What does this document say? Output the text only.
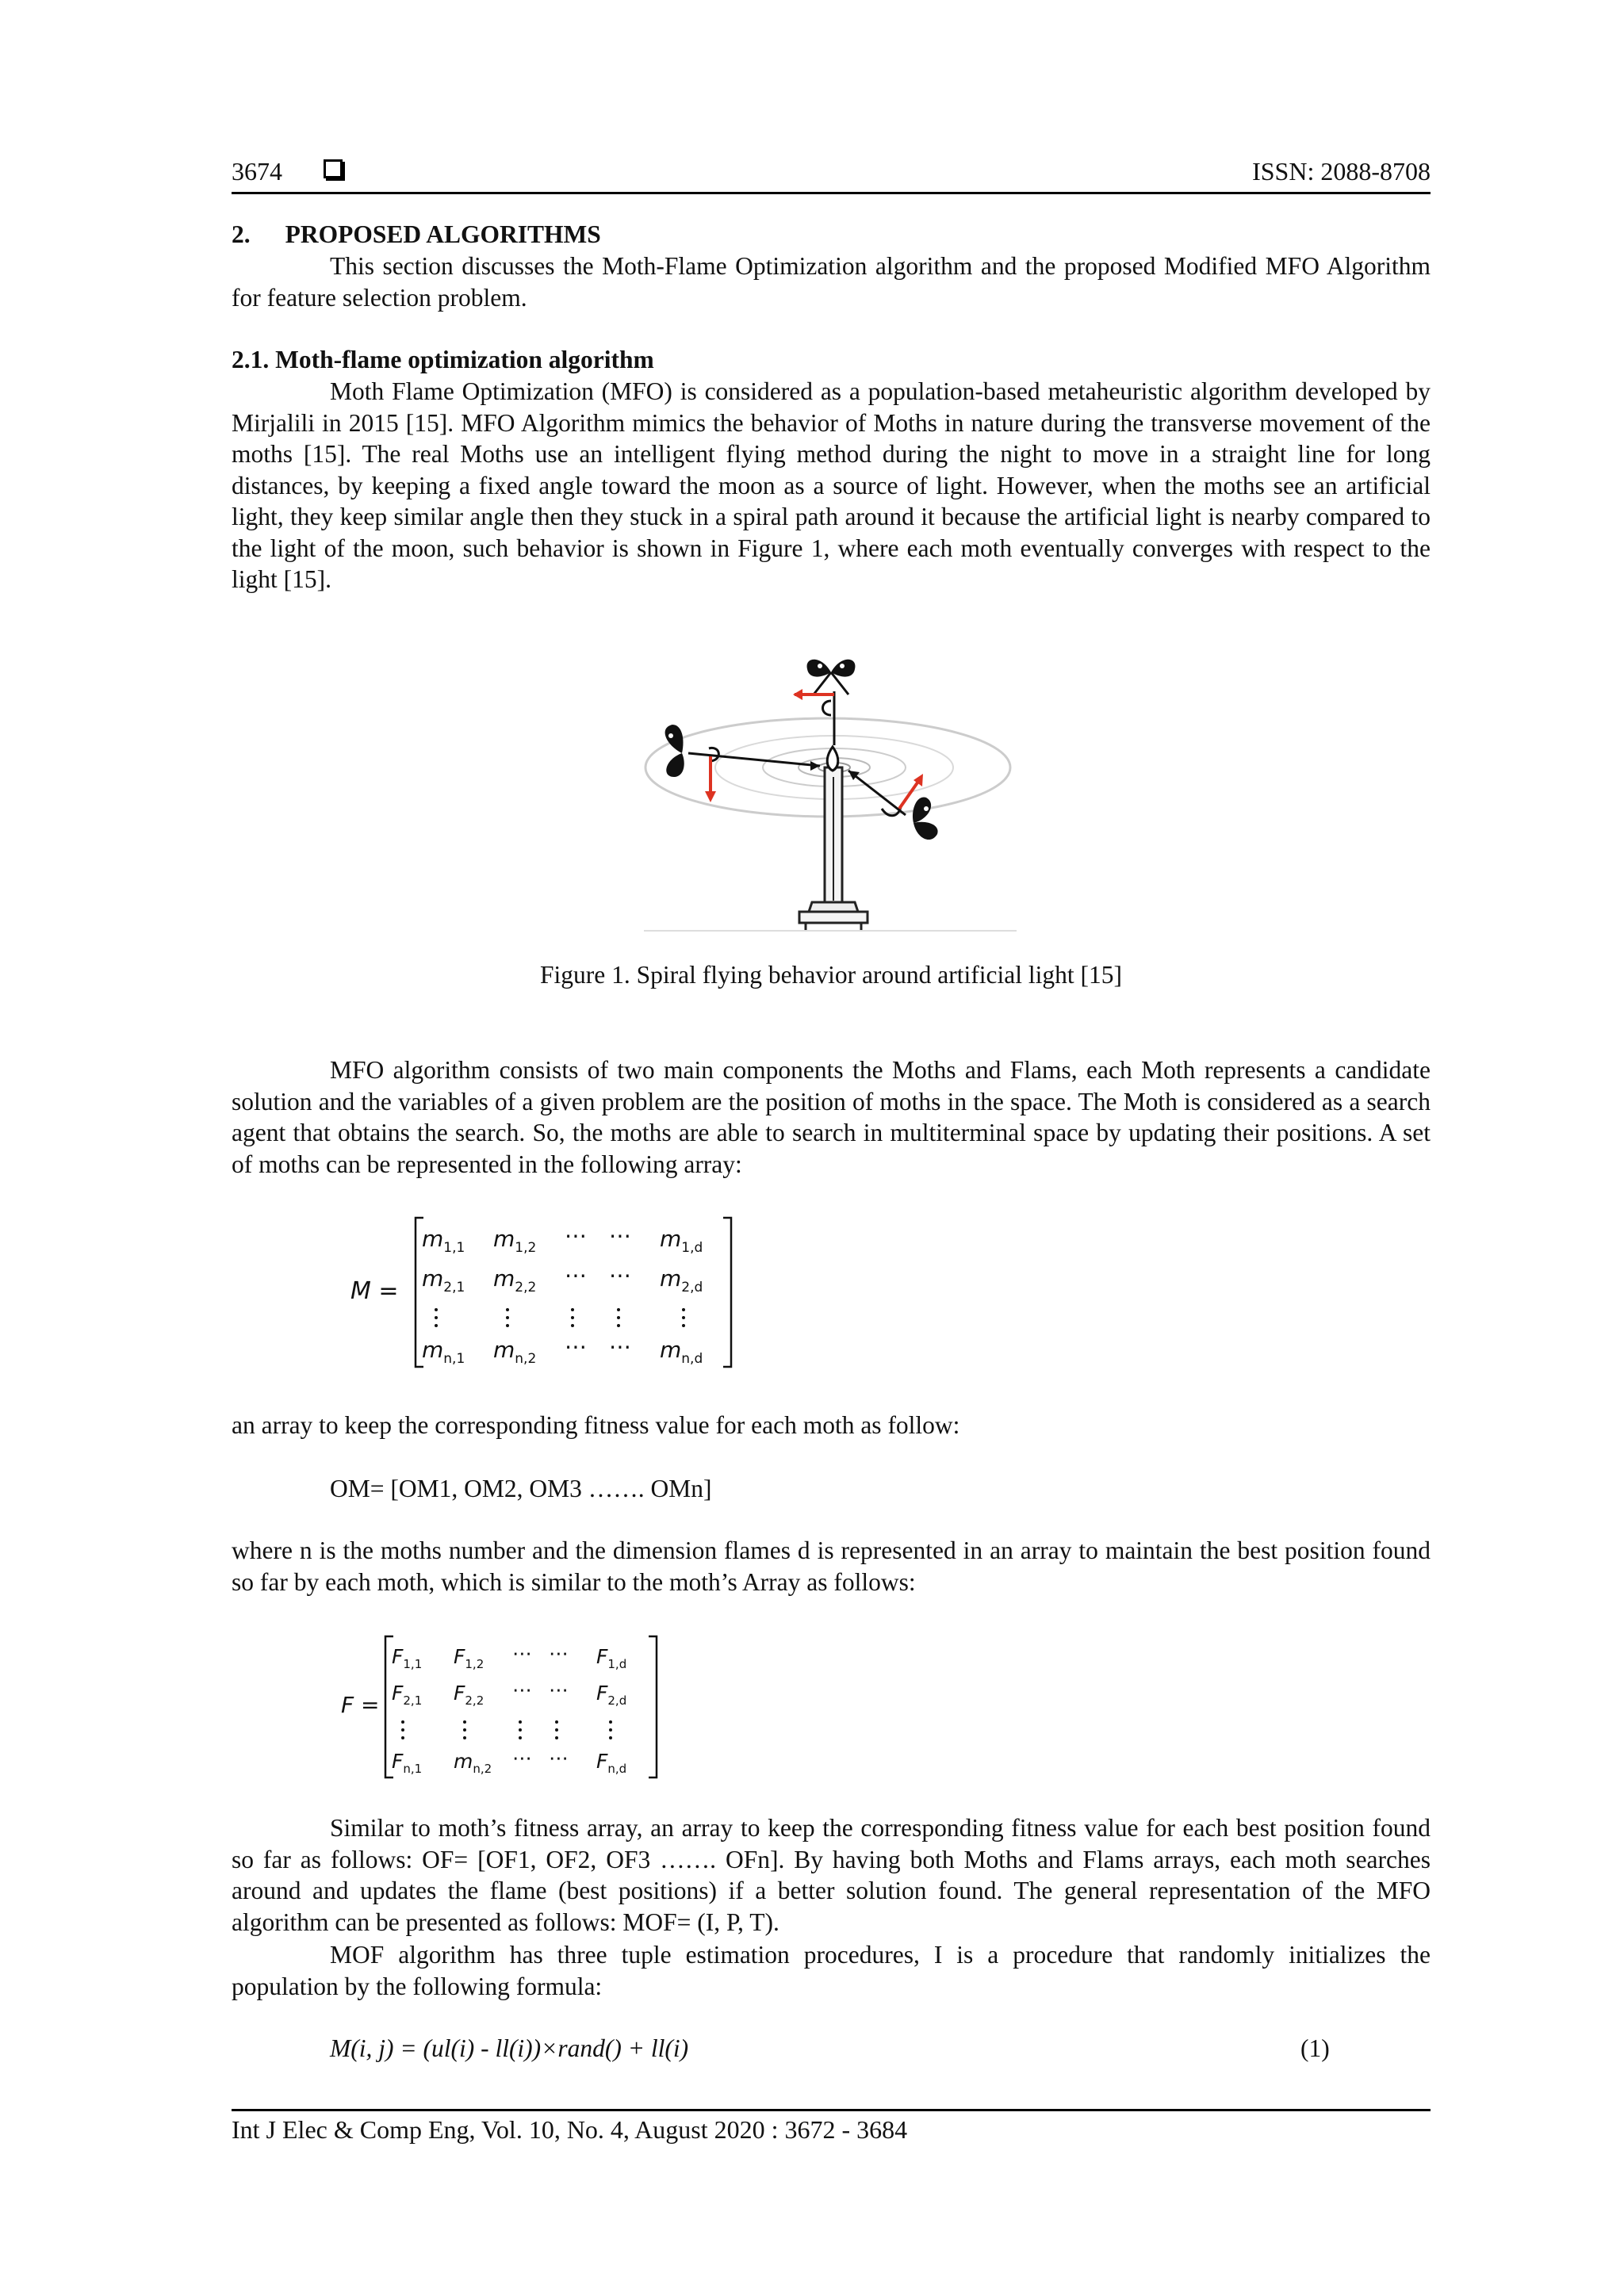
3674	ISSN: 2088-8708
2. PROPOSED ALGORITHMS
This section discusses the Moth-Flame Optimization algorithm and the proposed Modified MFO Algorithm for feature selection problem.
2.1. Moth-flame optimization algorithm
Moth Flame Optimization (MFO) is considered as a population-based metaheuristic algorithm developed by Mirjalili in 2015 [15]. MFO Algorithm mimics the behavior of Moths in nature during the transverse movement of the moths [15]. The real Moths use an intelligent flying method during the night to move in a straight line for long distances, by keeping a fixed angle toward the moon as a source of light. However, when the moths see an artificial light, they keep similar angle then they stuck in a spiral path around it because the artificial light is nearby compared to the light of the moon, such behavior is shown in Figure 1, where each moth eventually converges with respect to the light [15].
Figure 1. Spiral flying behavior around artificial light [15]
MFO algorithm consists of two main components the Moths and Flams, each Moth represents a candidate solution and the variables of a given problem are the position of moths in the space. The Moth is considered as a search agent that obtains the search. So, the moths are able to search in multiterminal space by updating their positions. A set of moths can be represented in the following array:
M =
$m_{1,1}$ $m_{1,2}$ ⋯ ⋯ $m_{1,d}$
$m_{2,1}$ $m_{2,2}$ ⋯ ⋯ $m_{2,d}$
$m_{n,1}$ $m_{n,2}$ ⋯ ⋯ $m_{n,d}$
an array to keep the corresponding fitness value for each moth as follow:
OM= [OM1, OM2, OM3 ……. OMn]
where n is the moths number and the dimension flames d is represented in an array to maintain the best position found so far by each moth, which is similar to the moth’s Array as follows:
F =
$F_{1,1}$ $F_{1,2}$ ⋯ ⋯ $F_{1,d}$
$F_{2,1}$ $F_{2,2}$ ⋯ ⋯ $F_{2,d}$
$F_{n,1}$ $m_{n,2}$ ⋯ ⋯ $F_{n,d}$
Similar to moth’s fitness array, an array to keep the corresponding fitness value for each best position found so far as follows: OF= [OF1, OF2, OF3 ……. OFn]. By having both Moths and Flams arrays, each moth searches around and updates the flame (best positions) if a better solution found. The general representation of the MFO algorithm can be presented as follows: MOF= (I, P, T).
MOF algorithm has three tuple estimation procedures, I is a procedure that randomly initializes the population by the following formula:
M(i, j) = (ul(i) - ll(i))×rand() + ll(i)	(1)
Int J Elec & Comp Eng, Vol. 10, No. 4, August 2020 : 3672 - 3684
